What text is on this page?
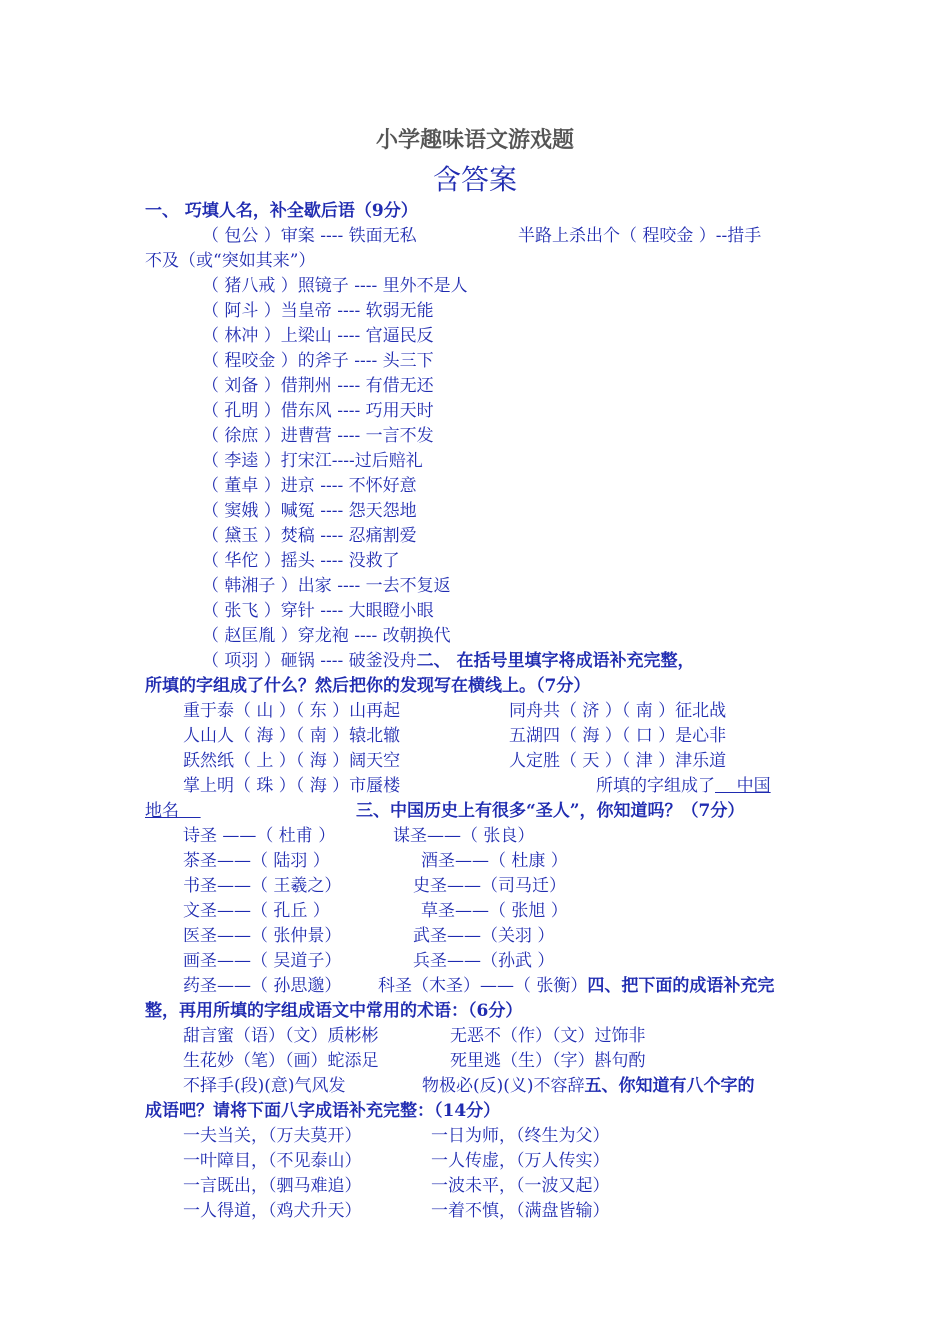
小学趣味语文游戏题
含答案
一、 巧填人名，补全歇后语（9分）
（ 包公 ）审案 ---- 铁面无私	半路上杀出个（ 程咬金 ）--措手
不及（或“突如其来”）
（ 猪八戒 ）照镜子 ---- 里外不是人
（ 阿斗 ）当皇帝 ---- 软弱无能
（ 林冲 ）上梁山 ---- 官逼民反
（ 程咬金 ）的斧子 ---- 头三下
（ 刘备 ）借荆州 ---- 有借无还
（ 孔明 ）借东风 ---- 巧用天时
（ 徐庶 ）进曹营 ---- 一言不发
（ 李逵 ）打宋江----过后赔礼
（ 董卓 ）进京 ---- 不怀好意
（ 窦娥 ）喊冤 ---- 怨天怨地
（ 黛玉 ）焚稿 ---- 忍痛割爱
（ 华佗 ）摇头 ---- 没救了
（ 韩湘子 ）出家 ---- 一去不复返
（ 张飞 ）穿针 ---- 大眼瞪小眼
（ 赵匡胤 ）穿龙袍 ---- 改朝换代
（ 项羽 ）砸锅 ---- 破釜没舟二、 在括号里填字将成语补充完整，
所填的字组成了什么？然后把你的发现写在横线上。（7分）
重于泰（ 山 ）（ 东 ）山再起	同舟共（ 济 ）（ 南 ）征北战
人山人（ 海 ）（ 南 ）辕北辙	五湖四（ 海 ）（ 口 ）是心非
跃然纸（ 上 ）（ 海 ）阔天空	人定胜（ 天 ）（ 津 ）津乐道
掌上明（ 珠 ）（ 海 ）市蜃楼	所填的字组成了    中国
地名	三、中国历史上有很多“圣人”，你知道吗？（7分）
诗圣 ——（ 杜甫 ）	谋圣——（ 张良）
茶圣——（ 陆羽 ）	酒圣——（ 杜康 ）
书圣——（ 王羲之）	史圣——（司马迁）
文圣——（ 孔丘 ）	草圣——（ 张旭 ）
医圣——（ 张仲景）	武圣——（关羽 ）
画圣——（ 吴道子）	兵圣——（孙武 ）
药圣——（ 孙思邈） 科圣（木圣）——（ 张衡）四、把下面的成语补充完
整，再用所填的字组成语文中常用的术语：（6分）
甜言蜜（语）（文）质彬彬	无恶不（作）（文）过饰非
生花妙（笔）（画）蛇添足	死里逃（生）（字）斟句酌
不择手(段)(意)气风发	物极必(反)(义)不容辞五、你知道有八个字的
成语吧？请将下面八字成语补充完整：（14分）
一夫当关，（万夫莫开）	一日为师，（终生为父）
一叶障目，（不见泰山）	一人传虚，（万人传实）
一言既出，（驷马难追）	一波未平，（一波又起）
一人得道，（鸡犬升天）	一着不慎，（满盘皆输）
